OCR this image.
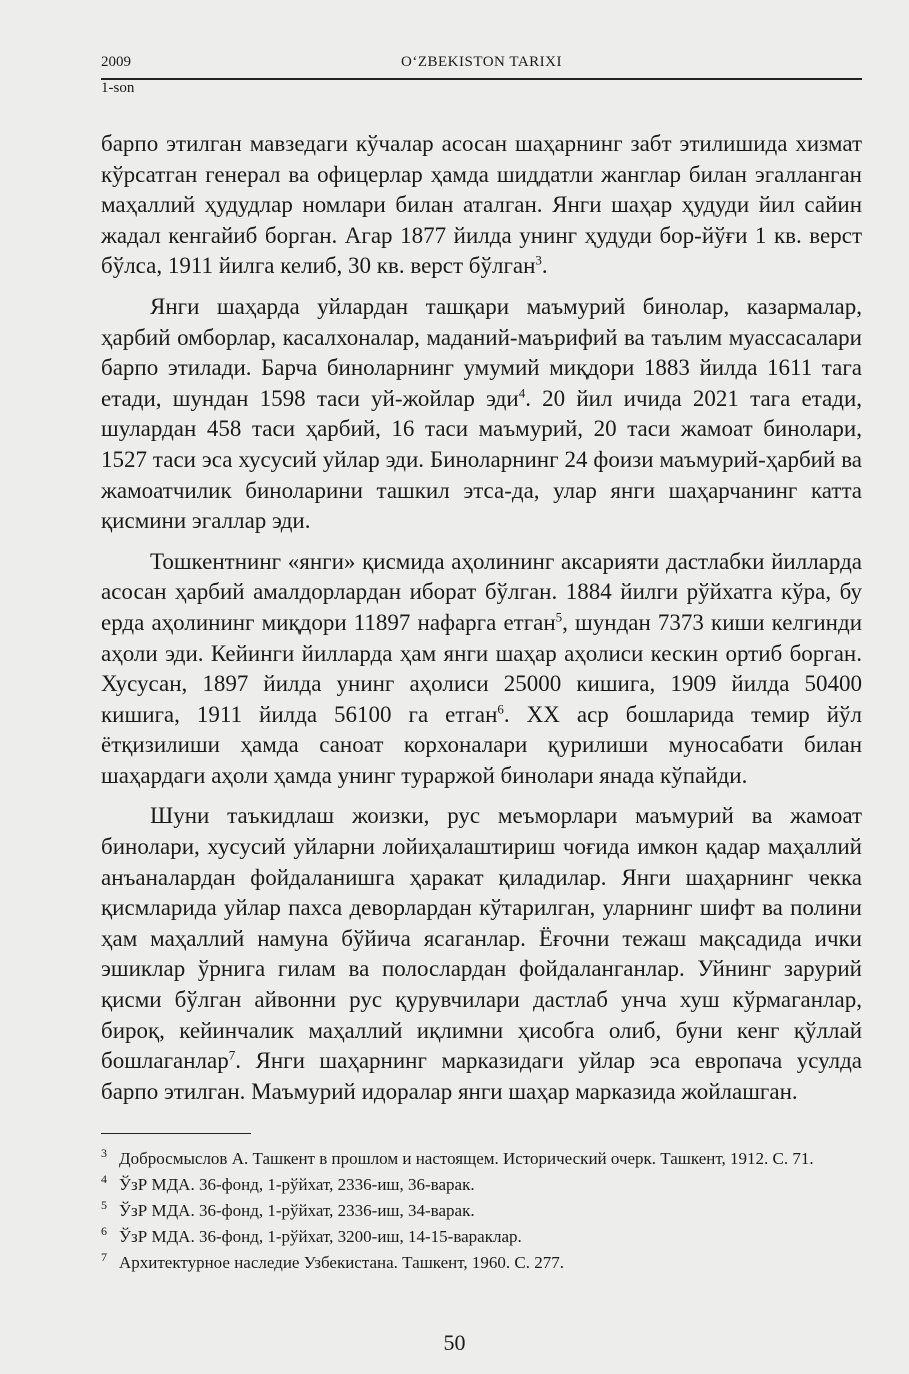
2009	O‘ZBEKISTON TARIXI
1-son

барпо этилган мавзедаги кўчалар асосан шаҳарнинг забт этилишида хизмат кўрсатган генерал ва офицерлар ҳамда шиддатли жанглар билан эгалланган маҳаллий ҳудудлар номлари билан аталган. Янги шаҳар ҳудуди йил сайин жадал кенгайиб борган. Агар 1877 йилда унинг ҳудуди бор-йўғи 1 кв. верст бўлса, 1911 йилга келиб, 30 кв. верст бўлган$^3$.

Янги шаҳарда уйлардан ташқари маъмурий бинолар, казармалар, ҳарбий омборлар, касалхоналар, маданий-маърифий ва таълим муассасалари барпо этилади. Барча биноларнинг умумий миқдори 1883 йилда 1611 тага етади, шундан 1598 таси уй-жойлар эди$^4$. 20 йил ичида 2021 тага етади, шулардан 458 таси ҳарбий, 16 таси маъмурий, 20 таси жамоат бинолари, 1527 таси эса хусусий уйлар эди. Биноларнинг 24 фоизи маъмурий-ҳарбий ва жамоатчилик биноларини ташкил этса-да, улар янги шаҳарчанинг катта қисмини эгаллар эди.

Тошкентнинг «янги» қисмида аҳолининг аксарияти дастлабки йилларда асосан ҳарбий амалдорлардан иборат бўлган. 1884 йилги рўйхатга кўра, бу ерда аҳолининг миқдори 11897 нафарга етган$^5$, шундан 7373 киши келгинди аҳоли эди. Кейинги йилларда ҳам янги шаҳар аҳолиси кескин ортиб борган. Хусусан, 1897 йилда унинг аҳолиси 25000 кишига, 1909 йилда 50400 кишига, 1911 йилда 56100 га етган$^6$. XX аср бошларида темир йўл ётқизилиши ҳамда саноат корхоналари қурилиши муносабати билан шаҳардаги аҳоли ҳамда унинг тураржой бинолари янада кўпайди.

Шуни таъкидлаш жоизки, рус меъморлари маъмурий ва жамоат бинолари, хусусий уйларни лойиҳалаштириш чоғида имкон қадар маҳаллий анъаналардан фойдаланишга ҳаракат қиладилар. Янги шаҳарнинг чекка қисмларида уйлар пахса деворлардан кўтарилган, уларнинг шифт ва полини ҳам маҳаллий намуна бўйича ясаганлар. Ёғочни тежаш мақсадида ички эшиклар ўрнига гилам ва полослардан фойдаланганлар. Уйнинг зарурий қисми бўлган айвонни рус қурувчилари дастлаб унча хуш кўрмаганлар, бироқ, кейинчалик маҳаллий иқлимни ҳисобга олиб, буни кенг қўллай бошлаганлар$^7$. Янги шаҳарнинг марказидаги уйлар эса европача усулда барпо этилган. Маъмурий идоралар янги шаҳар марказида жойлашган.

3 Добросмыслов А. Ташкент в прошлом и настоящем. Исторический очерк. Ташкент, 1912. С. 71.

4 ЎзР МДА. 36-фонд, 1-рўйхат, 2336-иш, 36-варак.

5 ЎзР МДА. 36-фонд, 1-рўйхат, 2336-иш, 34-варак.

6 ЎзР МДА. 36-фонд, 1-рўйхат, 3200-иш, 14-15-вараклар.

7 Архитектурное наследие Узбекистана. Ташкент, 1960. С. 277.

50
